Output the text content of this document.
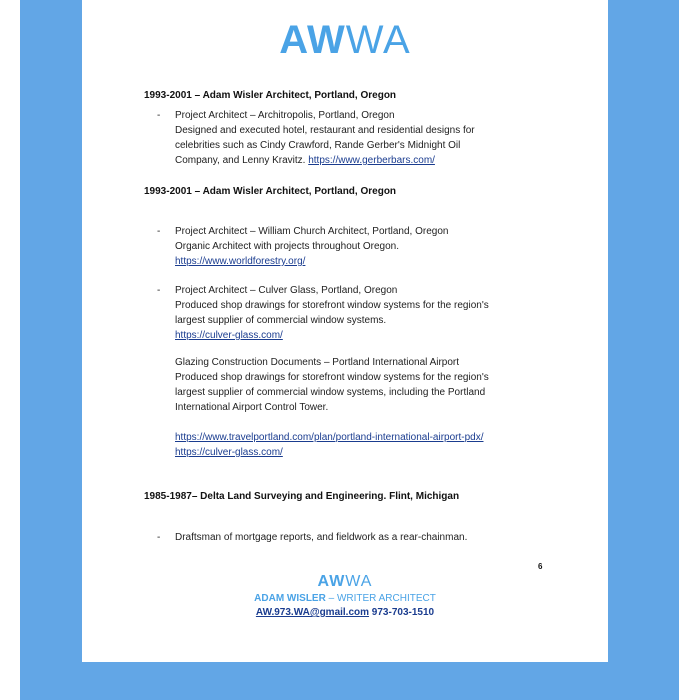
AWWA
1993-2001 – Adam Wisler Architect, Portland, Oregon
- Project Architect – Architropolis, Portland, Oregon
Designed and executed hotel, restaurant and residential designs for
celebrities such as Cindy Crawford, Rande Gerber's Midnight Oil
Company, and Lenny Kravitz. https://www.gerberbars.com/
1993-2001 – Adam Wisler Architect, Portland, Oregon
- Project Architect – William Church Architect, Portland, Oregon
Organic Architect with projects throughout Oregon.
https://www.worldforestry.org/
- Project Architect – Culver Glass, Portland, Oregon
Produced shop drawings for storefront window systems for the region's
largest supplier of commercial window systems.
https://culver-glass.com/
Glazing Construction Documents – Portland International Airport
Produced shop drawings for storefront window systems for the region's
largest supplier of commercial window systems, including the Portland
International Airport Control Tower.
https://www.travelportland.com/plan/portland-international-airport-pdx/
https://culver-glass.com/
1985-1987– Delta Land Surveying and Engineering. Flint, Michigan
- Draftsman of mortgage reports, and fieldwork as a rear-chainman.
6
AWWA
ADAM WISLER – WRITER ARCHITECT
AW.973.WA@gmail.com 973-703-1510
